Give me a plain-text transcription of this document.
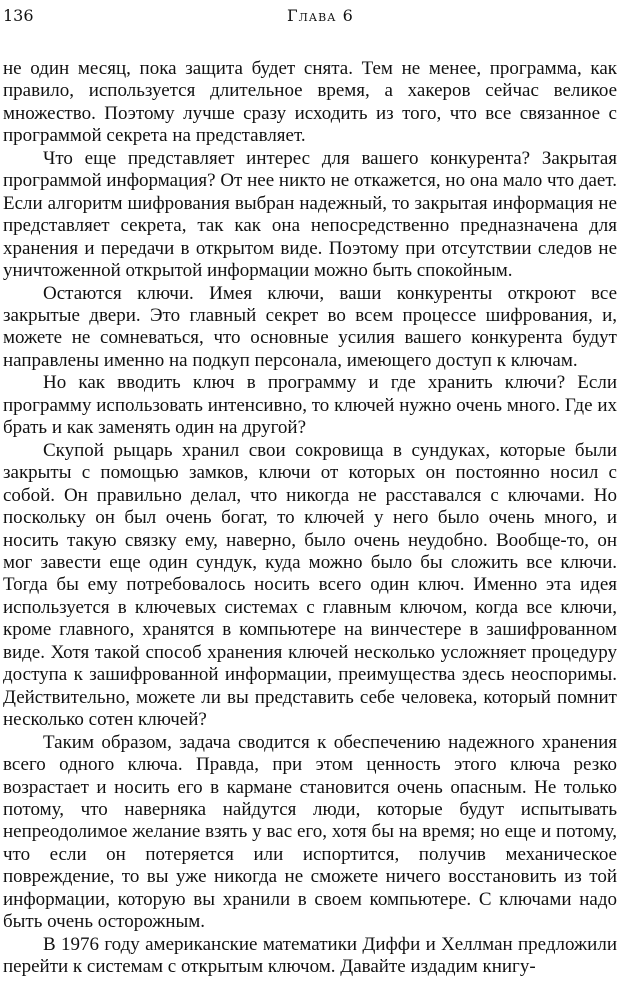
136	Глава 6

не один месяц, пока защита будет снята. Тем не менее, программа, как правило, используется длительное время, а хакеров сейчас великое множество. Поэтому лучше сразу исходить из того, что все связанное с программой секрета на представляет.

Что еще представляет интерес для вашего конкурента? Закрытая программой информация? От нее никто не откажется, но она мало что дает. Если алгоритм шифрования выбран надежный, то закрытая информация не представляет секрета, так как она непосредственно предназначена для хранения и передачи в открытом виде. Поэтому при отсутствии следов не уничтоженной открытой информации можно быть спокойным.

Остаются ключи. Имея ключи, ваши конкуренты откроют все закрытые двери. Это главный секрет во всем процессе шифрования, и, можете не сомневаться, что основные усилия вашего конкурента будут направлены именно на подкуп персонала, имеющего доступ к ключам.

Но как вводить ключ в программу и где хранить ключи? Если программу использовать интенсивно, то ключей нужно очень много. Где их брать и как заменять один на другой?

Скупой рыцарь хранил свои сокровища в сундуках, которые были закрыты с помощью замков, ключи от которых он постоянно носил с собой. Он правильно делал, что никогда не расставался с ключами. Но поскольку он был очень богат, то ключей у него было очень много, и носить такую связку ему, наверно, было очень неудобно. Вообще-то, он мог завести еще один сундук, куда можно было бы сложить все ключи. Тогда бы ему потребовалось носить всего один ключ. Именно эта идея используется в ключевых системах с главным ключом, когда все ключи, кроме главного, хранятся в компьютере на винчестере в зашифрованном виде. Хотя такой способ хранения ключей несколько усложняет процедуру доступа к зашифрованной информации, преимущества здесь неоспоримы. Действительно, можете ли вы представить себе человека, который помнит несколько сотен ключей?

Таким образом, задача сводится к обеспечению надежного хранения всего одного ключа. Правда, при этом ценность этого ключа резко возрастает и носить его в кармане становится очень опасным. Не только потому, что наверняка найдутся люди, которые будут испытывать непреодолимое желание взять у вас его, хотя бы на время; но еще и потому, что если он потеряется или испортится, получив механическое повреждение, то вы уже никогда не сможете ничего восстановить из той информации, которую вы хранили в своем компьютере. С ключами надо быть очень осторожным.

В 1976 году американские математики Диффи и Хеллман предложили перейти к системам с открытым ключом. Давайте издадим книгу-
